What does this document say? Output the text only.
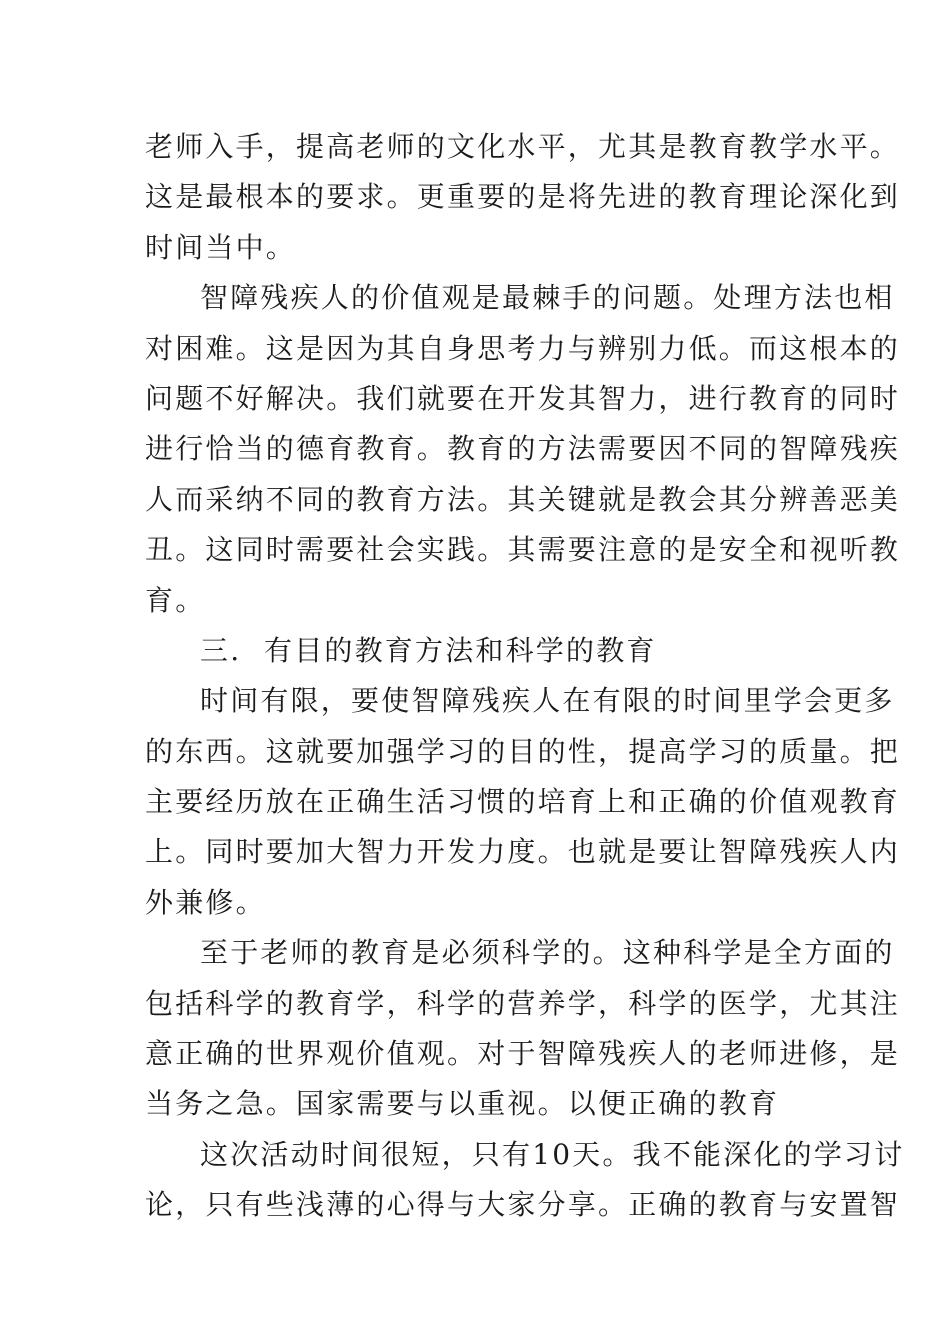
老师入手，提高老师的文化水平，尤其是教育教学水平。
这是最根本的要求。更重要的是将先进的教育理论深化到
时间当中。
智障残疾人的价值观是最棘手的问题。处理方法也相
对困难。这是因为其自身思考力与辨别力低。而这根本的
问题不好解决。我们就要在开发其智力，进行教育的同时
进行恰当的德育教育。教育的方法需要因不同的智障残疾
人而采纳不同的教育方法。其关键就是教会其分辨善恶美
丑。这同时需要社会实践。其需要注意的是安全和视听教
育。
三. 有目的教育方法和科学的教育
时间有限，要使智障残疾人在有限的时间里学会更多
的东西。这就要加强学习的目的性，提高学习的质量。把
主要经历放在正确生活习惯的培育上和正确的价值观教育
上。同时要加大智力开发力度。也就是要让智障残疾人内
外兼修。
至于老师的教育是必须科学的。这种科学是全方面的
包括科学的教育学，科学的营养学，科学的医学，尤其注
意正确的世界观价值观。对于智障残疾人的老师进修，是
当务之急。国家需要与以重视。以便正确的教育
这次活动时间很短，只有10天。我不能深化的学习讨
论，只有些浅薄的心得与大家分享。正确的教育与安置智
